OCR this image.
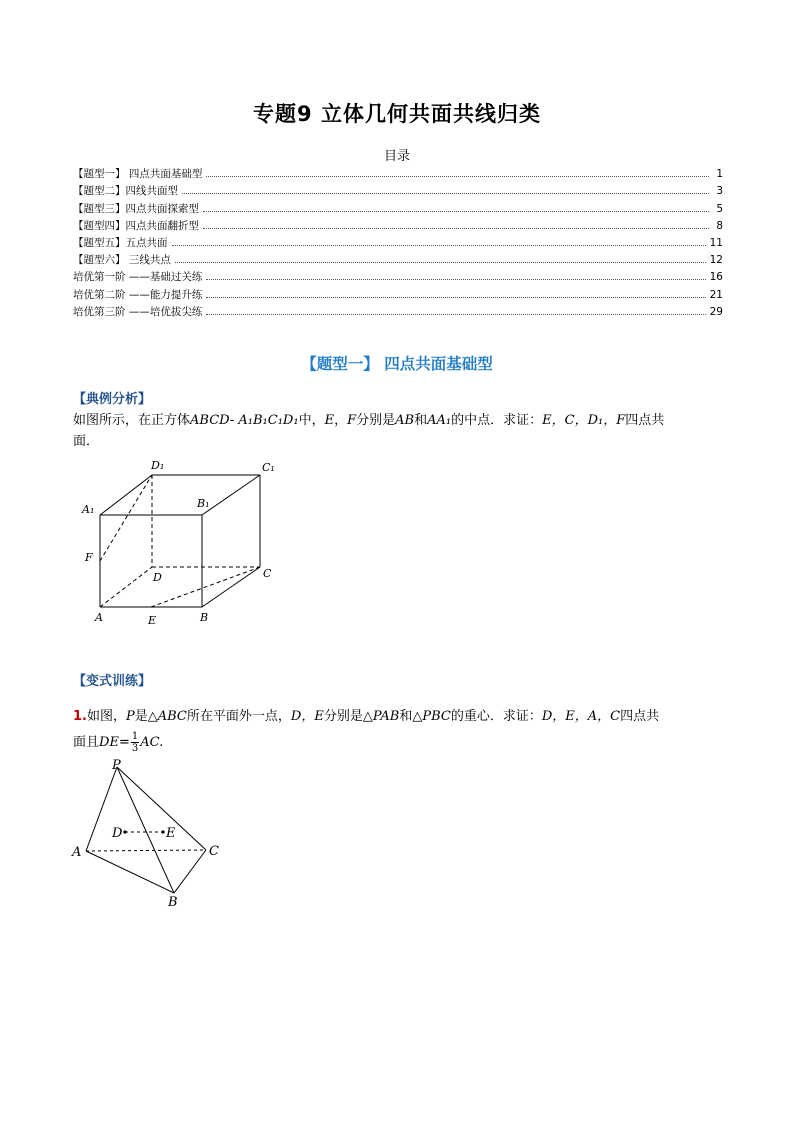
专题9 立体几何共面共线归类
目录
【题型一】 四点共面基础型	1
【题型二】四线共面型	3
【题型三】四点共面探索型	5
【题型四】四点共面翻折型	8
【题型五】五点共面	11
【题型六】 三线共点	12
培优第一阶 ——基础过关练	16
培优第二阶 ——能力提升练	21
培优第三阶 ——培优拔尖练	29
【题型一】 四点共面基础型
【典例分析】
如图所示，在正方体ABCD- A₁B₁C₁D₁中，E，F分别是AB和AA₁的中点．求证：E，C，D₁，F四点共
面．
D₁	C₁
A₁	B₁
F
D	C
A	E	B
【变式训练】
1.如图，P是△ABC所在平面外一点，D，E分别是△PAB和△PBC的重心．求证：D，E，A，C四点共
面且$DE= \frac{1}{3}$ AC.
P
D	E
A	C
B
